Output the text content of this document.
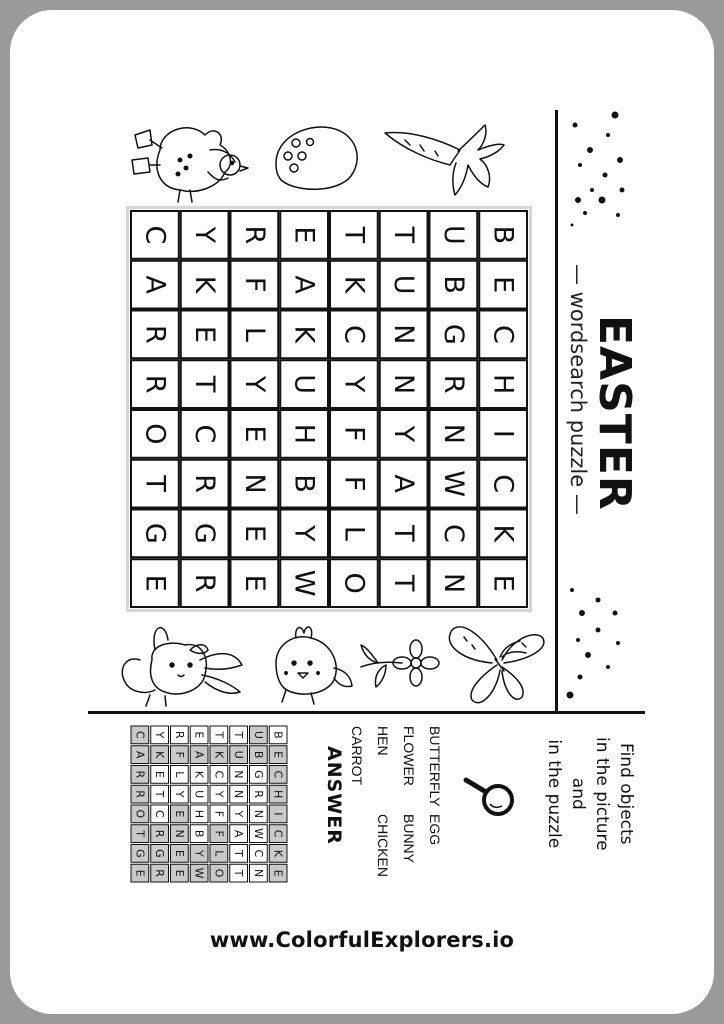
B
E
C
H
I
C
K
E
U
B
G
R
N
W
C
N
T
U
N
N
Y
A
T
T
T
K
C
Y
F
F
L
O
E
A
K
U
H
B
Y
W
R
F
L
Y
E
N
E
E
Y
K
E
T
C
R
G
R
C
A
R
R
O
T
G
E
EASTER
— wordsearch puzzle —
Find objects
in the picture
and
in the puzzle
BUTTERFLY
EGG
FLOWER
BUNNY
HEN
CHICKEN
CARROT
ANSWER
B
E
C
H
I
C
K
E
U
B
G
R
N
W
C
N
T
U
N
N
Y
A
T
T
T
K
C
Y
F
F
L
O
E
A
K
U
H
B
Y
W
R
F
L
Y
E
N
E
E
Y
K
E
T
C
R
G
R
C
A
R
R
O
T
G
E
www.ColorfulExplorers.io
